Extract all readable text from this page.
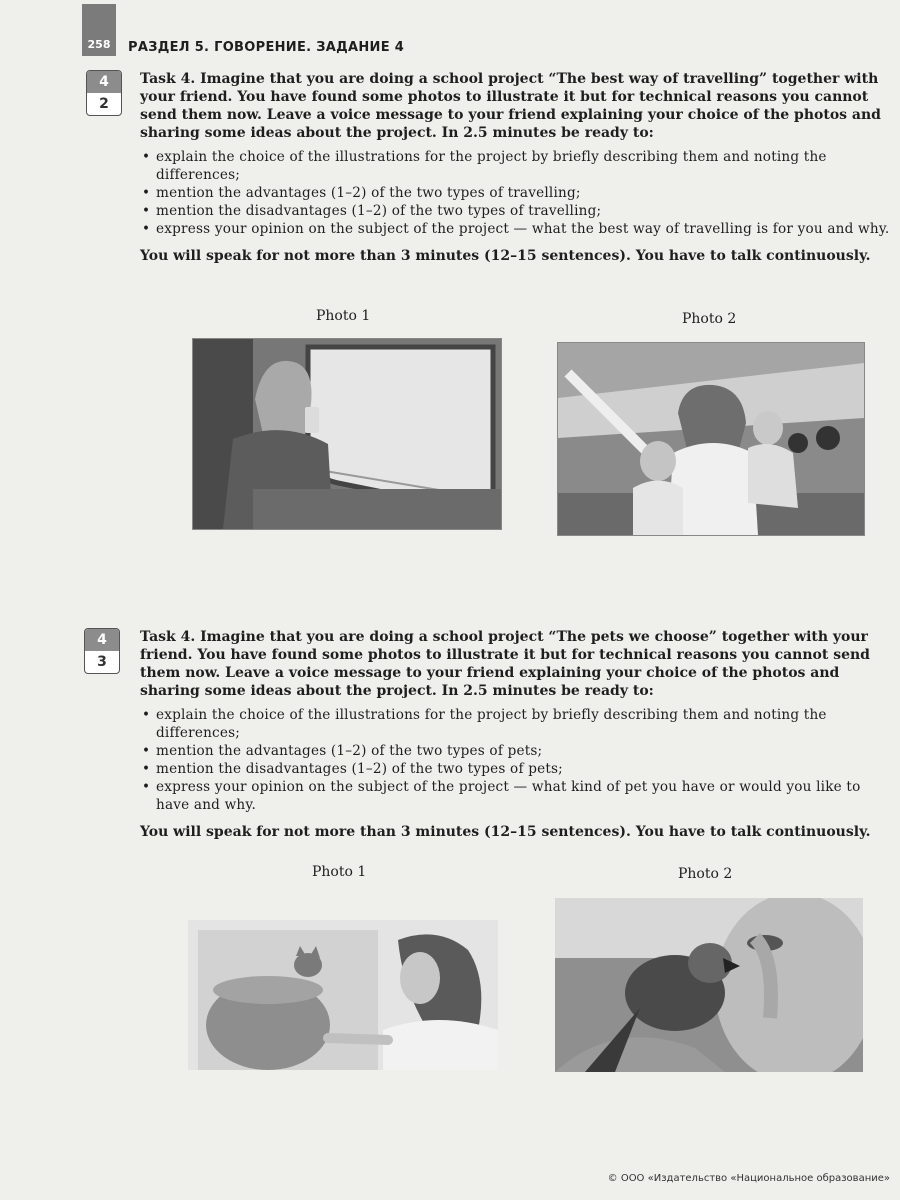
258	РАЗДЕЛ 5. ГОВОРЕНИЕ. ЗАДАНИЕ 4
4
2
Task 4. Imagine that you are doing a school project “The best way of travelling” together with your friend. You have found some photos to illustrate it but for technical reasons you cannot send them now. Leave a voice message to your friend explaining your choice of the photos and sharing some ideas about the project. In 2.5 minutes be ready to:
• explain the choice of the illustrations for the project by briefly describing them and noting the differences;
• mention the advantages (1–2) of the two types of travelling;
• mention the disadvantages (1–2) of the two types of travelling;
• express your opinion on the subject of the project — what the best way of travelling is for you and why.
You will speak for not more than 3 minutes (12–15 sentences). You have to talk continuously.
Photo 1	Photo 2
4
3
Task 4. Imagine that you are doing a school project “The pets we choose” together with your friend. You have found some photos to illustrate it but for technical reasons you cannot send them now. Leave a voice message to your friend explaining your choice of the photos and sharing some ideas about the project. In 2.5 minutes be ready to:
• explain the choice of the illustrations for the project by briefly describing them and noting the differences;
• mention the advantages (1–2) of the two types of pets;
• mention the disadvantages (1–2) of the two types of pets;
• express your opinion on the subject of the project — what kind of pet you have or would you like to have and why.
You will speak for not more than 3 minutes (12–15 sentences). You have to talk continuously.
Photo 1	Photo 2
© ООО «Издательство «Национальное образование»
